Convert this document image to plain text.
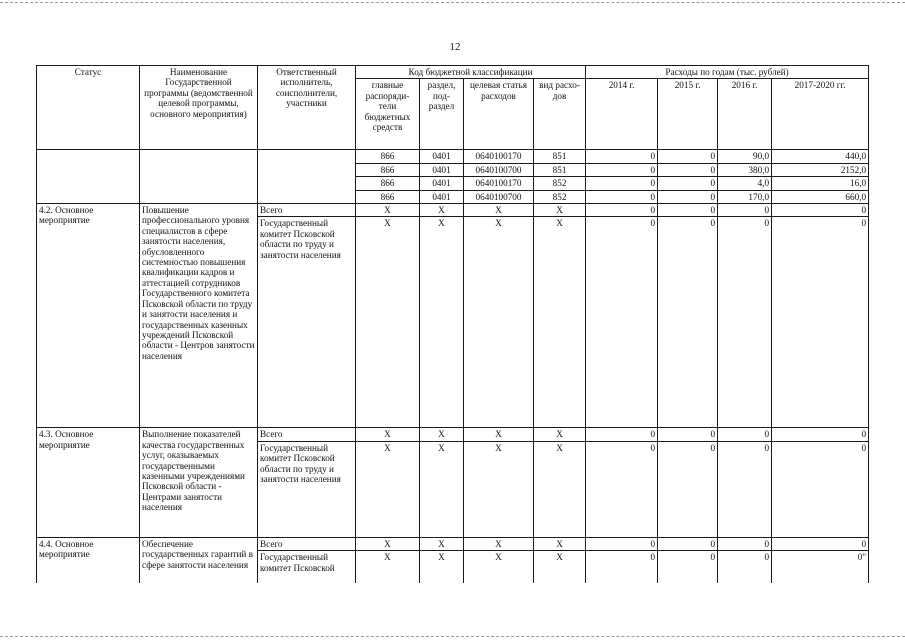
12
Статус	Наименование Государственной программы (ведомственной целевой программы, основного мероприятия)	Ответственный исполнитель, соисполнители, участники	Код бюджетной классификации				Расходы по годам (тыс. рублей)			
			главные распоряди-тели бюджетных средств	раздел, под-раздел	целевая статья расходов	вид расхо-дов	2014 г.	2015 г.	2016 г.	2017-2020 гг.
			866	0401	0640100170	851	0	0	90,0	440,0
			866	0401	0640100700	851	0	0	380,0	2152,0
			866	0401	0640100170	852	0	0	4,0	16,0
			866	0401	0640100700	852	0	0	170,0	660,0
4.2. Основное мероприятие	Повышение профессионального уровня специалистов в сфере занятости населения, обусловленного системностью повышения квалификации кадров и аттестацией сотрудников Государственного комитета Псковской области по труду и занятости населения и государственных казенных учреждений Псковской области - Центров занятости населения	Всего	X	X	X	X	0	0	0	0
		Государственный комитет Псковской области по труду и занятости населения	X	X	X	X	0	0	0	0
4.3. Основное мероприятие	Выполнение показателей качества государственных услуг, оказываемых государственными казенными учреждениями Псковской области - Центрами занятости населения	Всего	X	X	X	X	0	0	0	0
		Государственный комитет Псковской области по труду и занятости населения	X	X	X	X	0	0	0	0
4.4. Основное мероприятие	Обеспечение государственных гарантий в сфере занятости населения	Всего	X	X	X	X	0	0	0	0
		Государственный комитет Псковской	X	X	X	X	0	0	0	0"
